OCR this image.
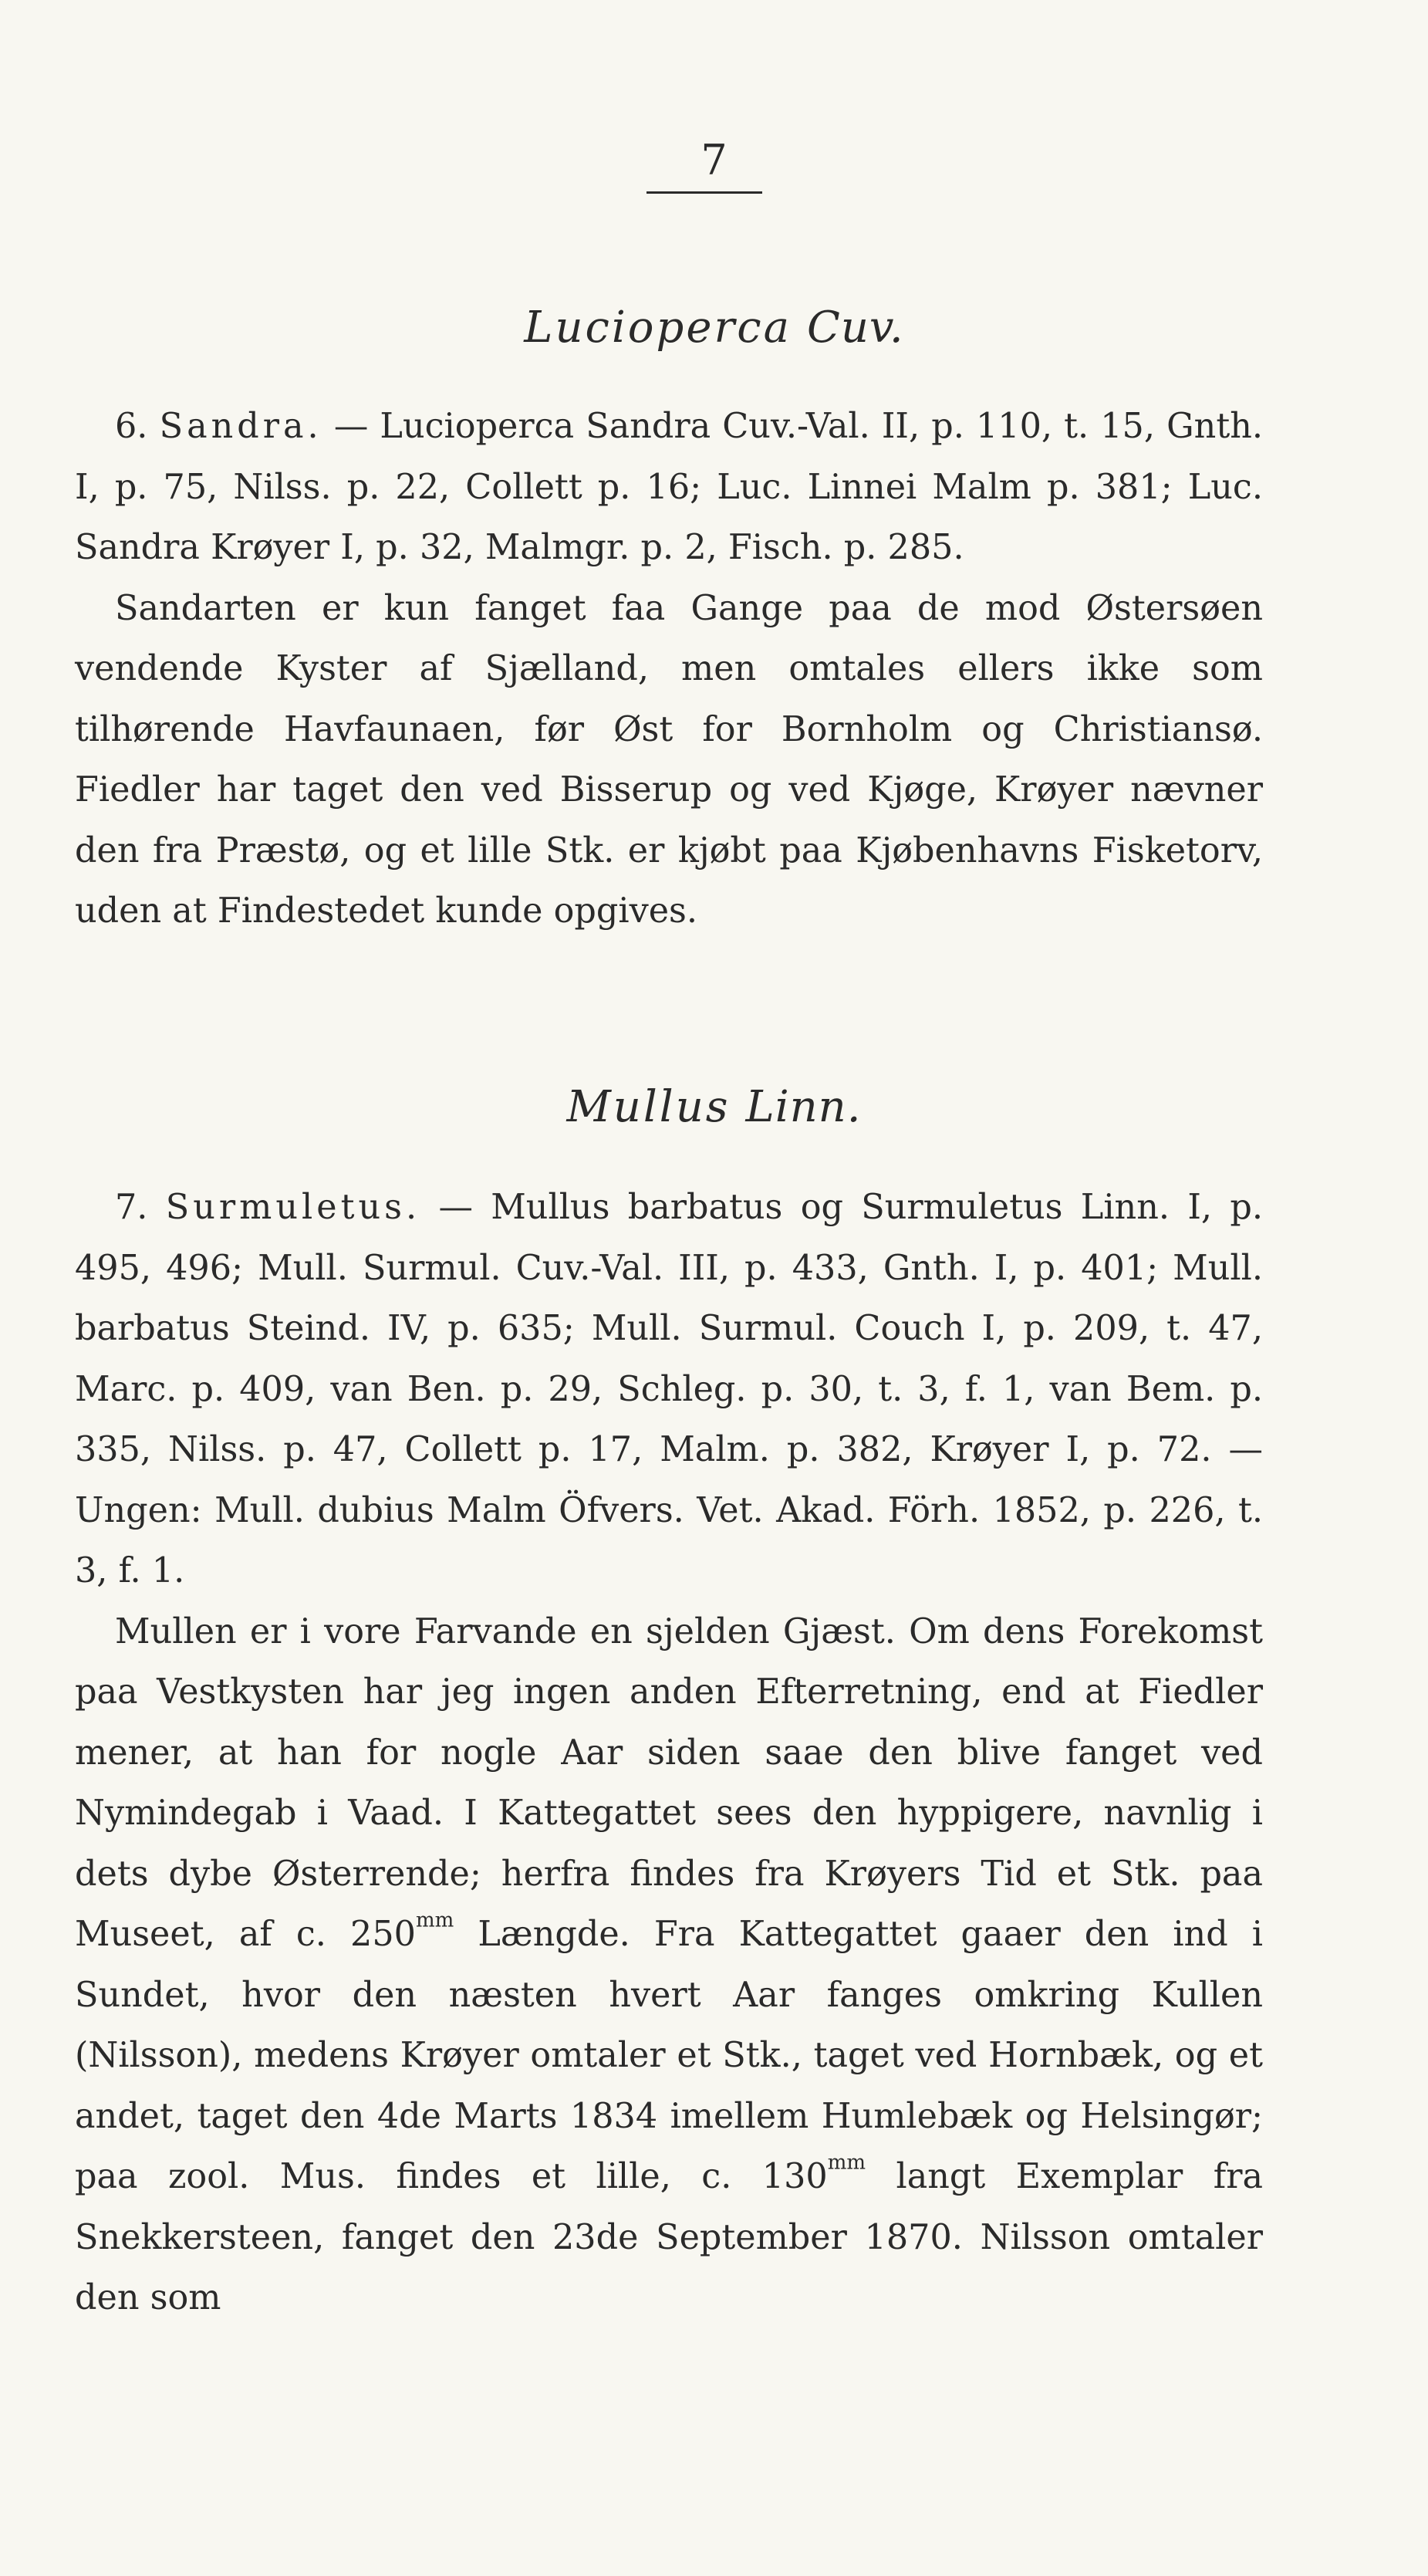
7
Lucioperca Cuv.

6. Sandra. — Lucioperca Sandra Cuv.-Val. II, p. 110, t. 15, Gnth. I, p. 75, Nilss. p. 22, Collett p. 16; Luc. Linnei Malm p. 381; Luc. Sandra Krøyer I, p. 32, Malmgr. p. 2, Fisch. p. 285.

Sandarten er kun fanget faa Gange paa de mod Østersøen vendende Kyster af Sjælland, men omtales ellers ikke som tilhørende Havfaunaen, før Øst for Bornholm og Christiansø. Fiedler har taget den ved Bisserup og ved Kjøge, Krøyer nævner den fra Præstø, og et lille Stk. er kjøbt paa Kjøbenhavns Fisketorv, uden at Findestedet kunde opgives.

Mullus Linn.

7. Surmuletus. — Mullus barbatus og Surmuletus Linn. I, p. 495, 496; Mull. Surmul. Cuv.-Val. III, p. 433, Gnth. I, p. 401; Mull. barbatus Steind. IV, p. 635; Mull. Surmul. Couch I, p. 209, t. 47, Marc. p. 409, van Ben. p. 29, Schleg. p. 30, t. 3, f. 1, van Bem. p. 335, Nilss. p. 47, Collett p. 17, Malm. p. 382, Krøyer I, p. 72. — Ungen: Mull. dubius Malm Öfvers. Vet. Akad. Förh. 1852, p. 226, t. 3, f. 1.

Mullen er i vore Farvande en sjelden Gjæst. Om dens Forekomst paa Vestkysten har jeg ingen anden Efterretning, end at Fiedler mener, at han for nogle Aar siden saae den blive fanget ved Nymindegab i Vaad. I Kattegattet sees den hyppigere, navnlig i dets dybe Østerrende; herfra findes fra Krøyers Tid et Stk. paa Museet, af c. $250^{mm}$ Længde. Fra Kattegattet gaaer den ind i Sundet, hvor den næsten hvert Aar fanges omkring Kullen (Nilsson), medens Krøyer omtaler et Stk., taget ved Hornbæk, og et andet, taget den 4de Marts 1834 imellem Humlebæk og Helsingør; paa zool. Mus. findes et lille, c. $130^{mm}$ langt Exemplar fra Snekkersteen, fanget den 23de September 1870. Nilsson omtaler den som
